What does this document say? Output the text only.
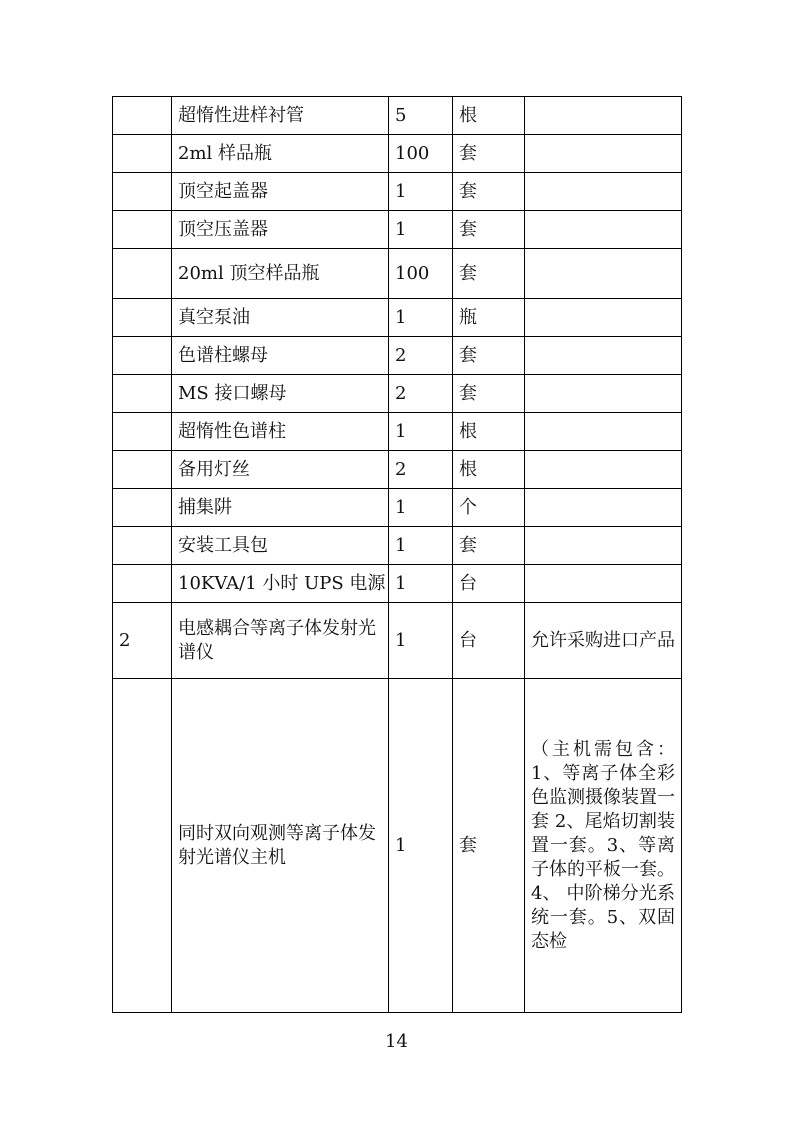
	超惰性进样衬管	5	根	
	2ml 样品瓶	100	套	
	顶空起盖器	1	套	
	顶空压盖器	1	套	
	20ml 顶空样品瓶	100	套	
	真空泵油	1	瓶	
	色谱柱螺母	2	套	
	MS 接口螺母	2	套	
	超惰性色谱柱	1	根	
	备用灯丝	2	根	
	捕集阱	1	个	
	安装工具包	1	套	
	10KVA/1 小时 UPS 电源	1	台	
2	电感耦合等离子体发射光谱仪	1	台	允许采购进口产品
	同时双向观测等离子体发射光谱仪主机	1	套	（主机需包含：1、等离子体全彩色监测摄像装置一套 2、尾焰切割装置一套。3、等离子体的平板一套。4、 中阶梯分光系统一套。5、双固态检
14
